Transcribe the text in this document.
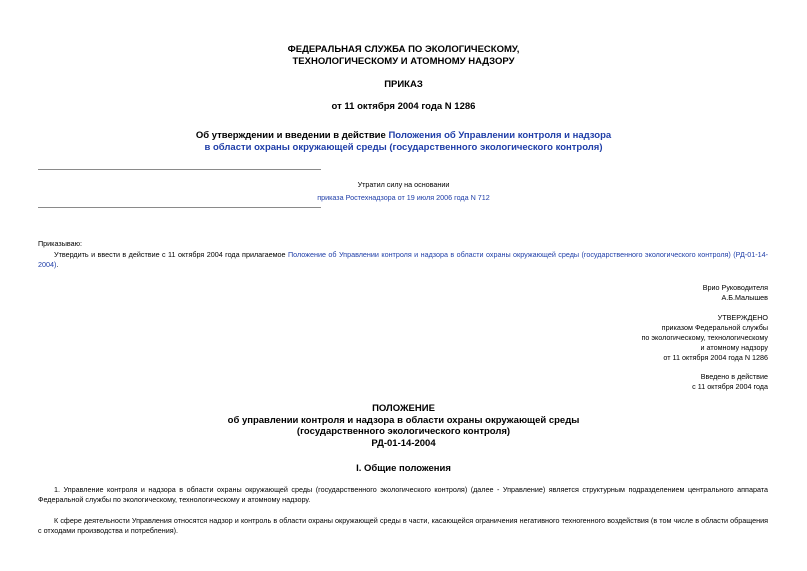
ФЕДЕРАЛЬНАЯ СЛУЖБА ПО ЭКОЛОГИЧЕСКОМУ,
ТЕХНОЛОГИЧЕСКОМУ И АТОМНОМУ НАДЗОРУ
ПРИКАЗ
от 11 октября 2004 года N 1286
Об утверждении и введении в действие Положения об Управлении контроля и надзора
в области охраны окружающей среды (государственного экологического контроля)
Утратил силу на основании
приказа Ростехнадзора от 19 июля 2006 года N 712
Приказываю:
Утвердить и ввести в действие с 11 октября 2004 года прилагаемое Положение об Управлении контроля и надзора в области охраны окружающей среды (государственного экологического контроля) (РД-01-14-2004).
Врио Руководителя
А.Б.Малышев
УТВЕРЖДЕНО
приказом Федеральной службы
по экологическому, технологическому
и атомному надзору
от 11 октября 2004 года N 1286
Введено в действие
с 11 октября 2004 года
ПОЛОЖЕНИЕ
об управлении контроля и надзора в области охраны окружающей среды
(государственного экологического контроля)
РД-01-14-2004
I. Общие положения
1. Управление контроля и надзора в области охраны окружающей среды (государственного экологического контроля) (далее - Управление) является структурным подразделением центрального аппарата Федеральной службы по экологическому, технологическому и атомному надзору.
К сфере деятельности Управления относятся надзор и контроль в области охраны окружающей среды в части, касающейся ограничения негативного техногенного воздействия (в том числе в области обращения с отходами производства и потребления).
